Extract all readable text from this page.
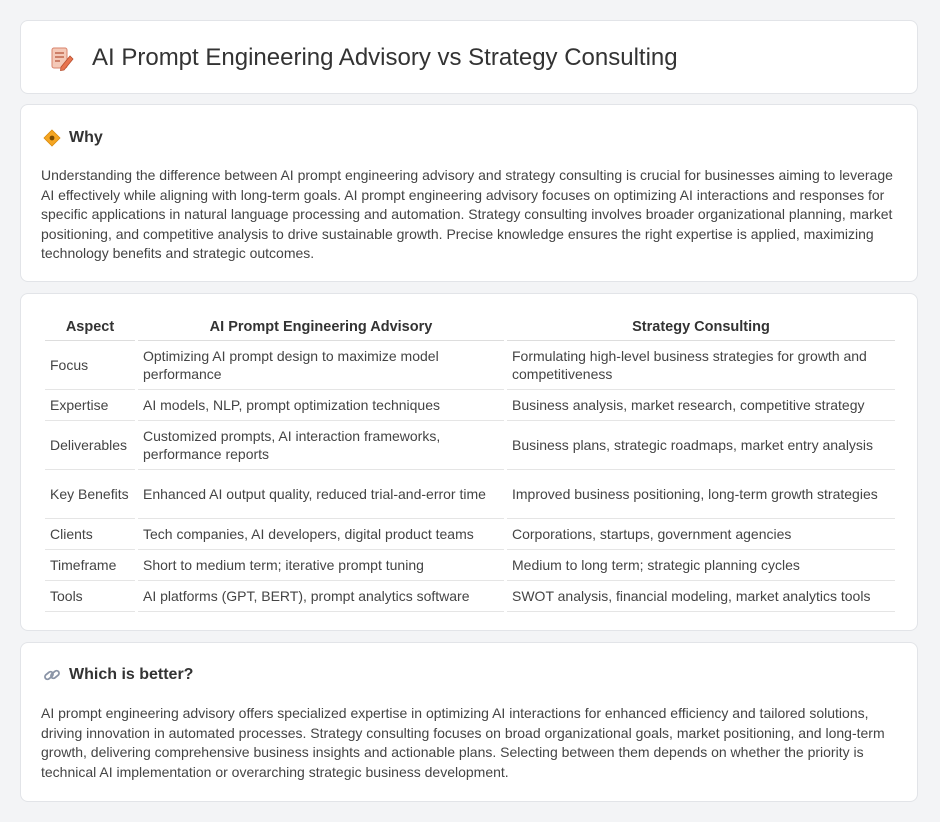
AI Prompt Engineering Advisory vs Strategy Consulting
Why

Understanding the difference between AI prompt engineering advisory and strategy consulting is crucial for businesses aiming to leverage AI effectively while aligning with long-term goals. AI prompt engineering advisory focuses on optimizing AI interactions and responses for specific applications in natural language processing and automation. Strategy consulting involves broader organizational planning, market positioning, and competitive analysis to drive sustainable growth. Precise knowledge ensures the right expertise is applied, maximizing technology benefits and strategic outcomes.

Aspect	AI Prompt Engineering Advisory	Strategy Consulting
Focus	Optimizing AI prompt design to maximize model performance	Formulating high-level business strategies for growth and competitiveness
Expertise	AI models, NLP, prompt optimization techniques	Business analysis, market research, competitive strategy
Deliverables	Customized prompts, AI interaction frameworks, performance reports	Business plans, strategic roadmaps, market entry analysis
Key Benefits	Enhanced AI output quality, reduced trial-and-error time	Improved business positioning, long-term growth strategies
Clients	Tech companies, AI developers, digital product teams	Corporations, startups, government agencies
Timeframe	Short to medium term; iterative prompt tuning	Medium to long term; strategic planning cycles
Tools	AI platforms (GPT, BERT), prompt analytics software	SWOT analysis, financial modeling, market analytics tools
Which is better?

AI prompt engineering advisory offers specialized expertise in optimizing AI interactions for enhanced efficiency and tailored solutions, driving innovation in automated processes. Strategy consulting focuses on broad organizational goals, market positioning, and long-term growth, delivering comprehensive business insights and actionable plans. Selecting between them depends on whether the priority is technical AI implementation or overarching strategic business development.
